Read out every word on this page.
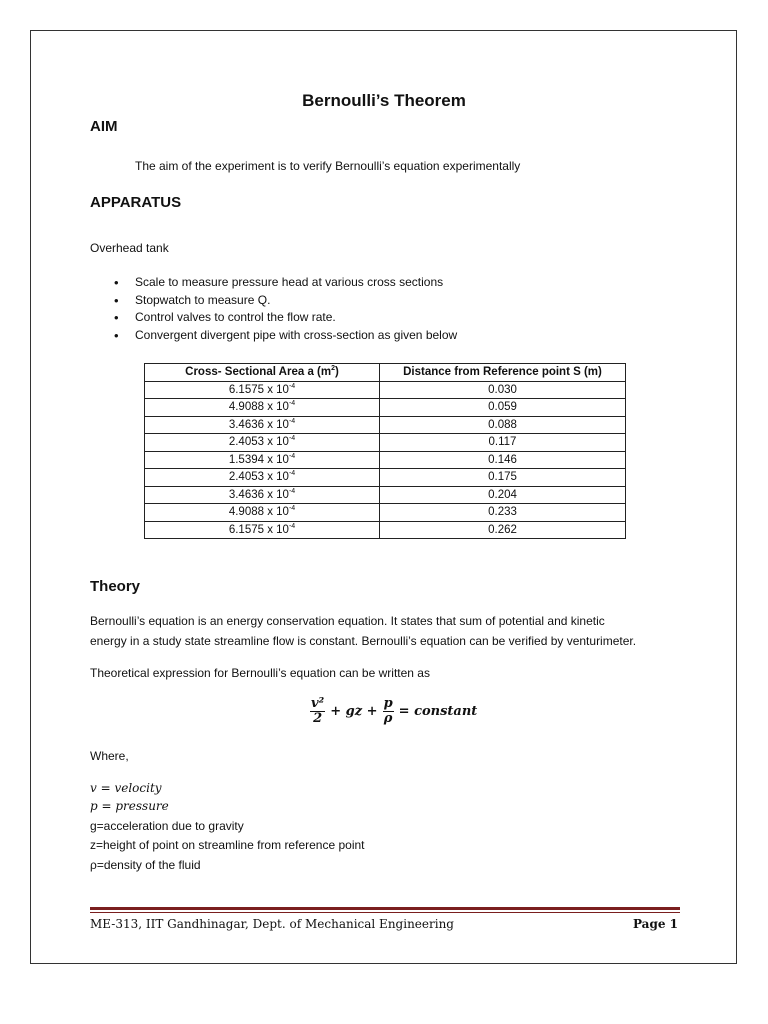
Bernoulli’s Theorem
AIM
The aim of the experiment is to verify Bernoulli’s equation experimentally
APPARATUS
Overhead tank
• Scale to measure pressure head at various cross sections
• Stopwatch to measure Q.
• Control valves to control the flow rate.
• Convergent divergent pipe with cross-section as given below
Cross- Sectional Area a $(m^2)$	Distance from Reference point S (m)
6.1575 x $10^{-4}$	0.030
4.9088 x $10^{-4}$	0.059
3.4636 x $10^{-4}$	0.088
2.4053 x $10^{-4}$	0.117
1.5394 x $10^{-4}$	0.146
2.4053 x $10^{-4}$	0.175
3.4636 x $10^{-4}$	0.204
4.9088 x $10^{-4}$	0.233
6.1575 x $10^{-4}$	0.262
Theory
Bernoulli’s equation is an energy conservation equation. It states that sum of potential and kinetic
energy in a study state streamline flow is constant. Bernoulli’s equation can be verified by venturimeter.
Theoretical expression for Bernoulli’s equation can be written as
$\frac{\text{v²}}{2}$ + gz + $\frac{p}{\rho}$ = constant
Where,
v = velocity
p = pressure
g=acceleration due to gravity
z=height of point on streamline from reference point
ρ=density of the fluid
ME-313, IIT Gandhinagar, Dept. of Mechanical Engineering	Page 1
